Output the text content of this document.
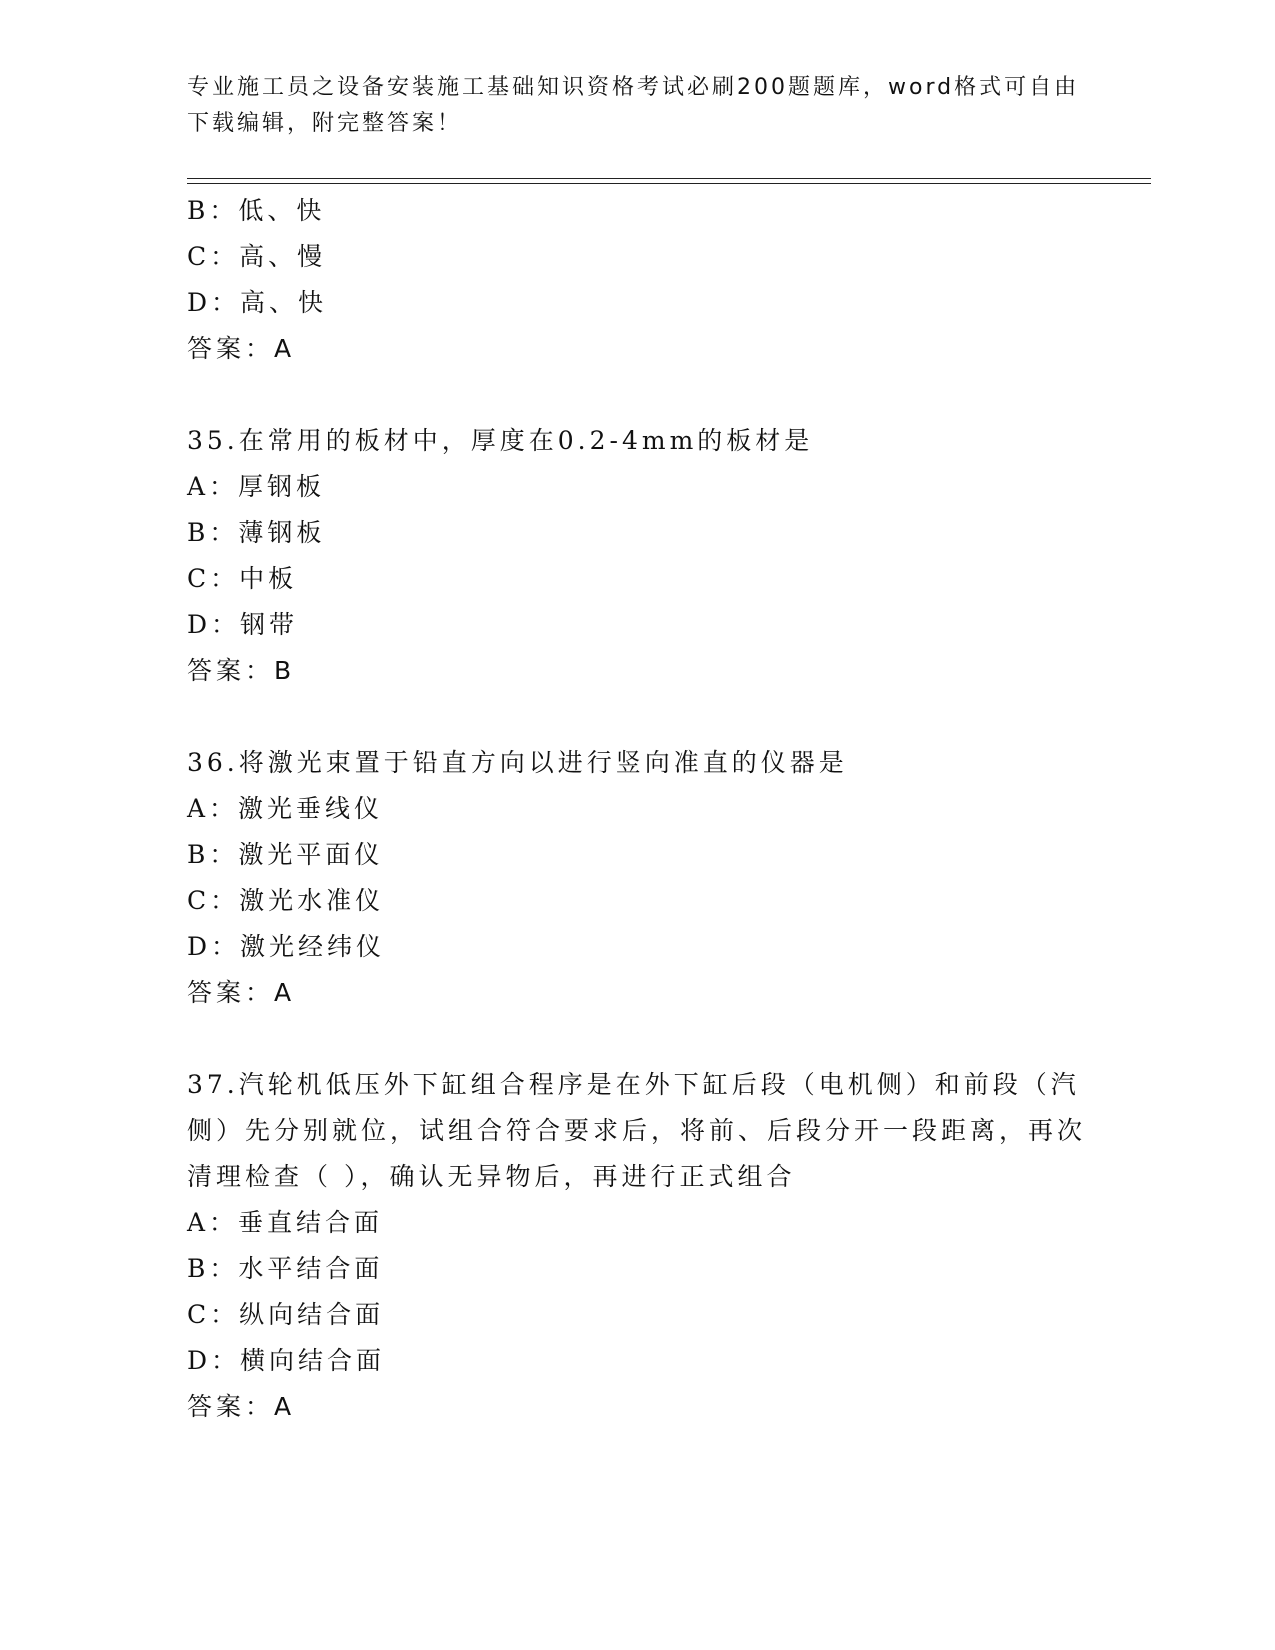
专业施工员之设备安装施工基础知识资格考试必刷200题题库，word格式可自由下载编辑，附完整答案！
B：低、快
C：高、慢
D：高、快
答案：A
35.在常用的板材中，厚度在0.2-4mm的板材是
A：厚钢板
B：薄钢板
C：中板
D：钢带
答案：B
36.将激光束置于铅直方向以进行竖向准直的仪器是
A：激光垂线仪
B：激光平面仪
C：激光水准仪
D：激光经纬仪
答案：A
37.汽轮机低压外下缸组合程序是在外下缸后段（电机侧）和前段（汽侧）先分别就位，试组合符合要求后，将前、后段分开一段距离，再次清理检查（ ），确认无异物后，再进行正式组合
A：垂直结合面
B：水平结合面
C：纵向结合面
D：横向结合面
答案：A
